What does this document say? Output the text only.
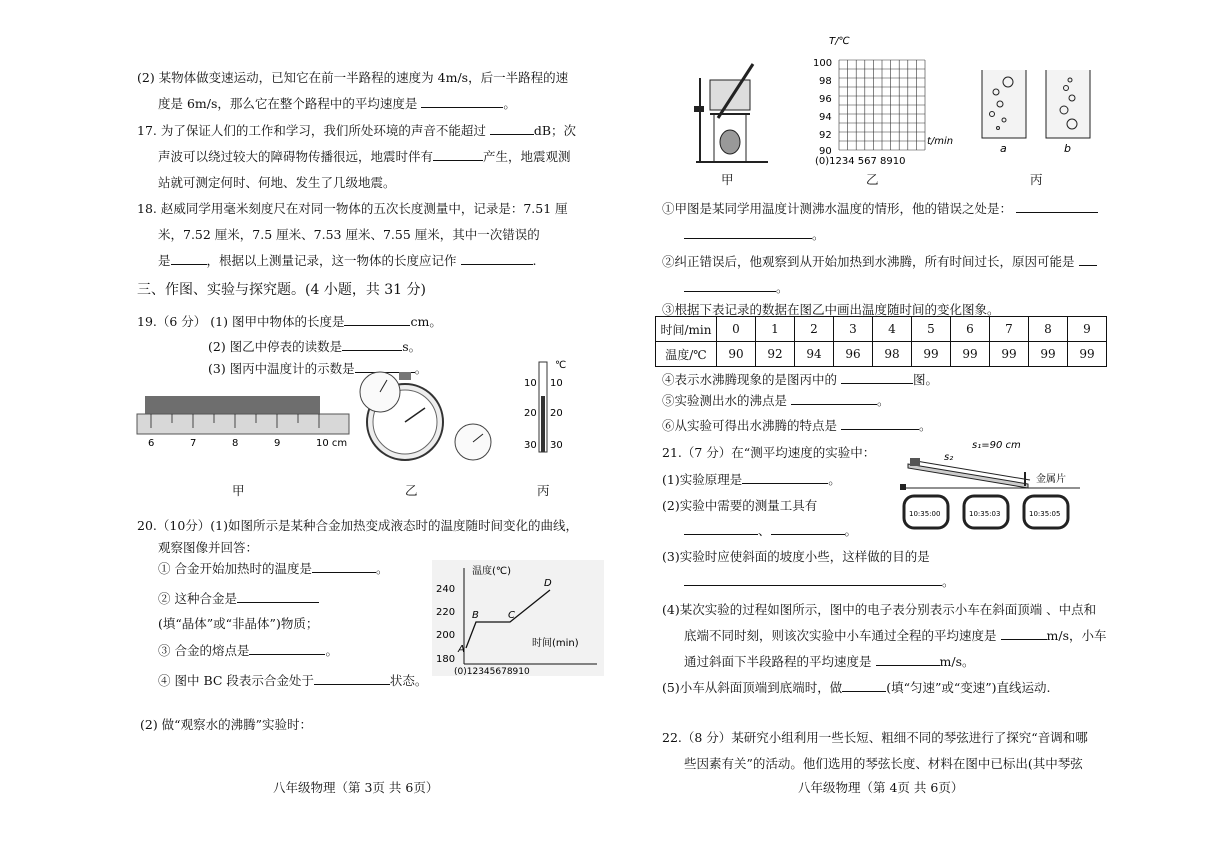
(2) 某物体做变速运动，已知它在前一半路程的速度为 4m/s，后一半路程的速
度是 6m/s，那么它在整个路程中的平均速度是	。
17. 为了保证人们的工作和学习，我们所处环境的声音不能超过	dB；次
声波可以绕过较大的障碍物传播很远，地震时伴有	产生，地震观测
站就可测定何时、何地、发生了几级地震。
18. 赵威同学用毫米刻度尺在对同一物体的五次长度测量中，记录是：7.51 厘
米，7.52 厘米，7.5 厘米、7.53 厘米、7.55 厘米，其中一次错误的
是	，根据以上测量记录，这一物体的长度应记作	.
三、作图、实验与探究题。(4 小题，共 31 分)
19.（6 分） (1) 图甲中物体的长度是	cm。
(2) 图乙中停表的读数是	s。
(3) 图丙中温度计的示数是	。
6	7	8	9	10 cm
℃
10
20
30
10
20
30
甲	乙	丙
20.（10分）(1)如图所示是某种合金加热变成液态时的温度随时间变化的曲线，
观察图像并回答：
① 合金开始加热时的温度是	。
② 这种合金是
(填“晶体”或“非晶体”)物质；
③ 合金的熔点是	。
④ 图中 BC 段表示合金处于	状态。
温度(℃)
240
220
200
180
A
B	C
D
时间(min)
(0)12345678910
(2) 做“观察水的沸腾”实验时：
八年级物理（第 3页 共 6页）
T/℃
100
98
96
94
92
90
t/min
(0)1234 567 8910
a	b
甲	乙	丙
①甲图是某同学用温度计测沸水温度的情形，他的错误之处是：
。
②纠正错误后，他观察到从开始加热到水沸腾，所有时间过长，原因可能是
。
③根据下表记录的数据在图乙中画出温度随时间的变化图象。
时间/min	0	1	2	3	4	5	6	7	8	9
温度/℃	90	92	94	96	98	99	99	99	99	99
④表示水沸腾现象的是图丙中的	图。
⑤实验测出水的沸点是	。
⑥从实验可得出水沸腾的特点是	。
21.（7 分）在“测平均速度的实验中：
(1)实验原理是	。
(2)实验中需要的测量工具有
、	。
(3)实验时应使斜面的坡度小些，这样做的目的是
。
(4)某次实验的过程如图所示，图中的电子表分别表示小车在斜面顶端 、中点和
底端不同时刻，则该次实验中小车通过全程的平均速度是	m/s，小车
通过斜面下半段路程的平均速度是	m/s。
(5)小车从斜面顶端到底端时，做	(填“匀速”或“变速”)直线运动.
s₁=90 cm
s₂
金属片
10:35:00	10:35:03	10:35:05
22.（8 分）某研究小组利用一些长短、粗细不同的琴弦进行了探究“音调和哪
些因素有关”的活动。他们选用的琴弦长度、材料在图中已标出(其中琴弦
八年级物理（第 4页 共 6页）
